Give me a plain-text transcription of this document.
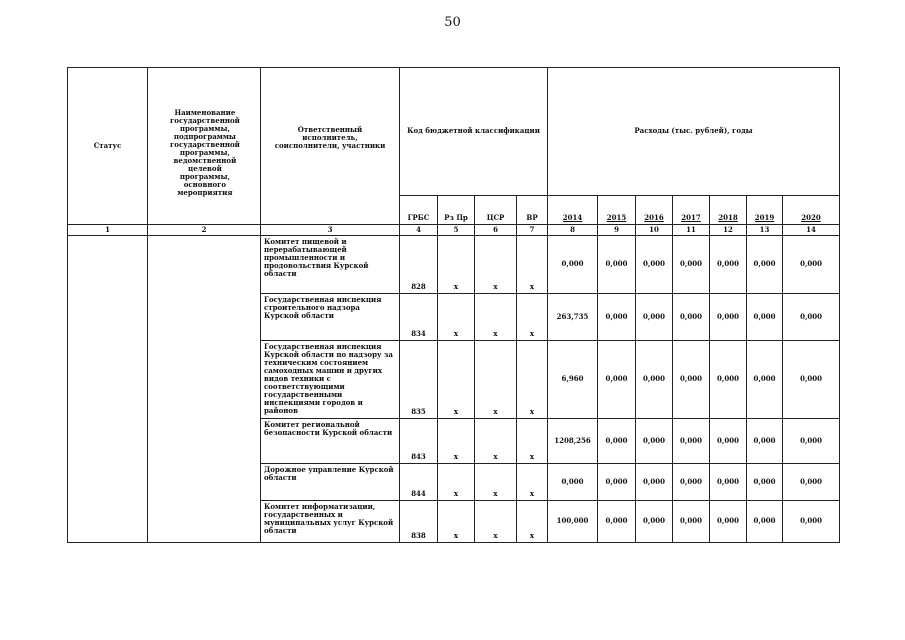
50
Статус	Наименование государственной программы, подпрограммы государственной программы, ведомственной целевой программы, основного мероприятия	Ответственный исполнитель, соисполнители, участники	Код бюджетной классификации				Расходы (тыс. рублей), годы						
			ГРБС	Рз Пр	ЦСР	ВР	2014	2015	2016	2017	2018	2019	2020
1	2	3	4	5	6	7	8	9	10	11	12	13	14
		Комитет пищевой и перерабатывающей промышленности и продовольствия Курской области	828	х	х	х	0,000	0,000	0,000	0,000	0,000	0,000	0,000
		Государственная инспекция строительного надзора Курской области	834	х	х	х	263,735	0,000	0,000	0,000	0,000	0,000	0,000
		Государственная инспекция Курской области по надзору за техническим состоянием самоходных машин и других видов техники с соответствующими государственными инспекциями городов и районов	835	х	х	х	6,960	0,000	0,000	0,000	0,000	0,000	0,000
		Комитет региональной безопасности Курской области	843	х	х	х	1208,256	0,000	0,000	0,000	0,000	0,000	0,000
		Дорожное управление Курской области	844	х	х	х	0,000	0,000	0,000	0,000	0,000	0,000	0,000
		Комитет информатизации, государственных и муниципальных услуг Курской области	838	х	х	х	100,000	0,000	0,000	0,000	0,000	0,000	0,000
